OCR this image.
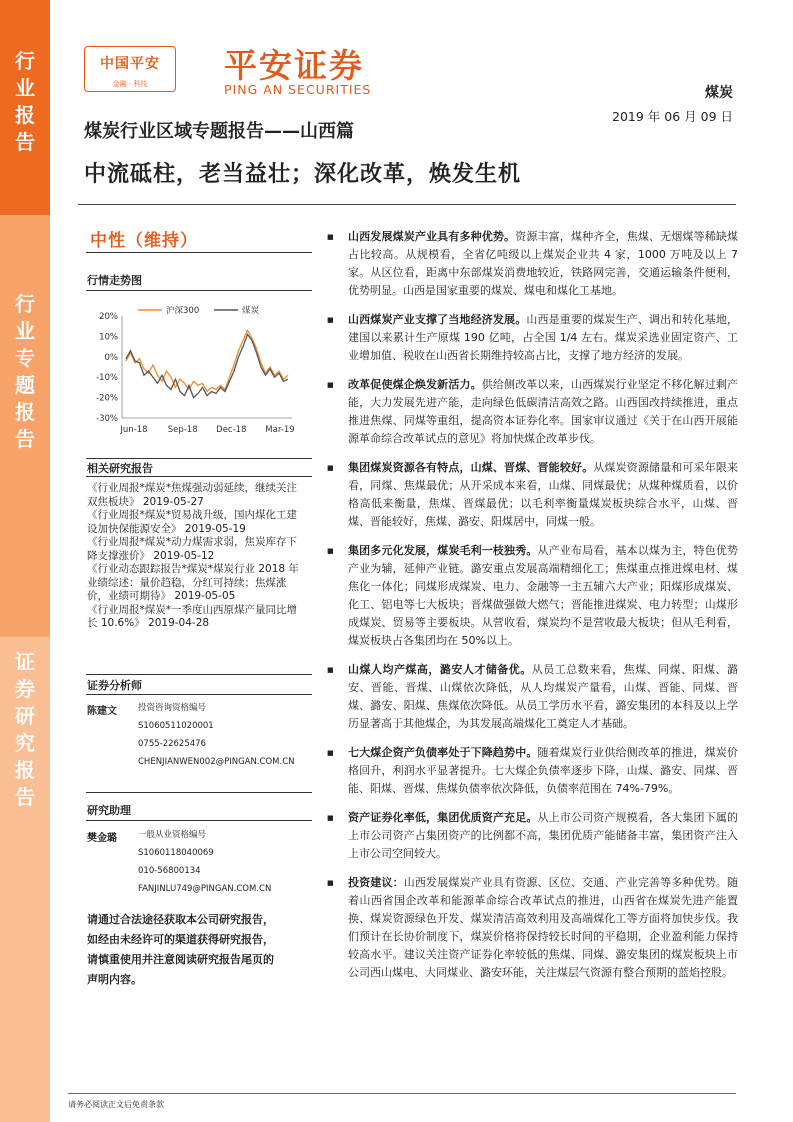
行
业
报
告
行
业
专
题
报
告
证
券
研
究
报
告
中国平安
金融 · 科技	平安证券
PING AN SECURITIES	煤炭
2019 年 06 月 09 日
煤炭行业区域专题报告——山西篇
中流砥柱，老当益壮；深化改革，焕发生机
中性（维持）
行情走势图
20%
10%
0%
-10%
-20%
-30%
Jun-18 Sep-18 Dec-18 Mar-19
沪深300	煤炭
相关研究报告

《行业周报*煤炭*焦煤强动弱延续，继续关注双焦板块》 2019-05-27

《行业周报*煤炭*贸易战升级，国内煤化工建设加快保能源安全》 2019-05-19

《行业周报*煤炭*动力煤需求弱，焦炭库存下降支撑涨价》 2019-05-12

《行业动态跟踪报告*煤炭*煤炭行业 2018 年业绩综述：量价趋稳，分红可持续；焦煤涨价，业绩可期待》 2019-05-05

《行业周报*煤炭*一季度山西原煤产量同比增长 10.6%》 2019-04-28

证券分析师
陈建文 投资咨询资格编号
S1060511020001
0755-22625476
CHENJIANWEN002@PINGAN.COM.CN
研究助理
樊金璐 一般从业资格编号
S1060118040069
010-56800134
FANJINLU749@PINGAN.COM.CN
请通过合法途径获取本公司研究报告，如经由未经许可的渠道获得研究报告，请慎重使用并注意阅读研究报告尾页的声明内容。
■	山西发展煤炭产业具有多种优势。资源丰富，煤种齐全，焦煤、无烟煤等稀缺煤占比较高。从规模看，全省亿吨级以上煤炭企业共 4 家，1000 万吨及以上 7 家。从区位看，距离中东部煤炭消费地较近，铁路网完善，交通运输条件便利，优势明显。山西是国家重要的煤炭、煤电和煤化工基地。

■	山西煤炭产业支撑了当地经济发展。山西是重要的煤炭生产、调出和转化基地，建国以来累计生产原煤 190 亿吨，占全国 1/4 左右。煤炭采选业固定资产、工业增加值、税收在山西省长期维持较高占比，支撑了地方经济的发展。

■	改革促使煤企焕发新活力。供给侧改革以来，山西煤炭行业坚定不移化解过剩产能，大力发展先进产能，走向绿色低碳清洁高效之路。山西国改持续推进，重点推进焦煤、同煤等重组，提高资本证券化率。国家审议通过《关于在山西开展能源革命综合改革试点的意见》将加快煤企改革步伐。

■	集团煤炭资源各有特点，山煤、晋煤、晋能较好。从煤炭资源储量和可采年限来看，同煤、焦煤最优；从开采成本来看，山煤、同煤最优；从煤种煤质看，以价格高低来衡量，焦煤、晋煤最优；以毛利率衡量煤炭板块综合水平，山煤、晋煤、晋能较好，焦煤、潞安、阳煤居中，同煤一般。

■	集团多元化发展，煤炭毛利一枝独秀。从产业布局看，基本以煤为主，特色优势产业为辅，延伸产业链。潞安重点发展高端精细化工；焦煤重点推进煤电材、煤焦化一体化；同煤形成煤炭、电力、金融等一主五辅六大产业；阳煤形成煤炭、化工、铝电等七大板块；晋煤做强做大燃气；晋能推进煤炭、电力转型；山煤形成煤炭、贸易等主要板块。从营收看，煤炭均不是营收最大板块；但从毛利看，煤炭板块占各集团均在 50%以上。

■	山煤人均产煤高，潞安人才储备优。从员工总数来看，焦煤、同煤、阳煤、潞安、晋能、晋煤、山煤依次降低，从人均煤炭产量看，山煤、晋能、同煤、晋煤、潞安、阳煤、焦煤依次降低。从员工学历水平看，潞安集团的本科及以上学历显著高于其他煤企，为其发展高端煤化工奠定人才基础。

■	七大煤企资产负债率处于下降趋势中。随着煤炭行业供给侧改革的推进，煤炭价格回升，利润水平显著提升。七大煤企负债率逐步下降，山煤、潞安、同煤、晋能、阳煤、晋煤、焦煤负债率依次降低，负债率范围在 74%-79%。

■	资产证券化率低，集团优质资产充足。从上市公司资产规模看，各大集团下属的上市公司资产占集团资产的比例都不高，集团优质产能储备丰富，集团资产注入上市公司空间较大。

■	投资建议：山西发展煤炭产业具有资源、区位、交通、产业完善等多种优势。随着山西省国企改革和能源革命综合改革试点的推进，山西省在煤炭先进产能置换、煤炭资源绿色开发、煤炭清洁高效利用及高端煤化工等方面将加快步伐。我们预计在长协价制度下，煤炭价格将保持较长时间的平稳期，企业盈利能力保持较高水平。建议关注资产证券化率较低的焦煤、同煤、潞安集团的煤炭板块上市公司西山煤电、大同煤业、潞安环能，关注煤层气资源有整合预期的蓝焰控股。

请务必阅读正文后免责条款
